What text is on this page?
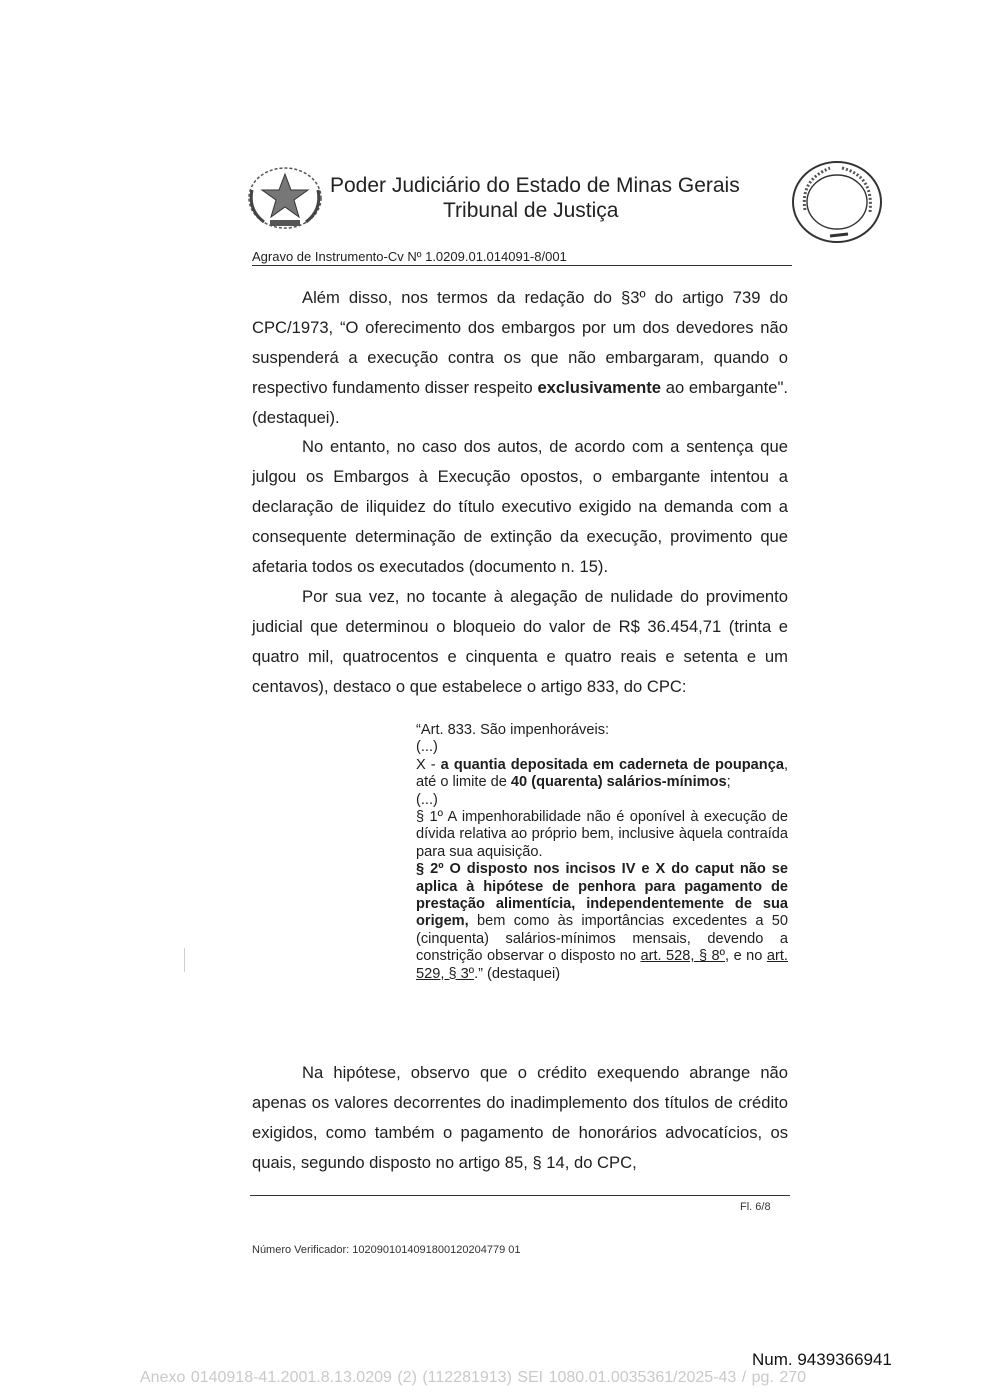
Poder Judiciário do Estado de Minas Gerais
Tribunal de Justiça
Agravo de Instrumento-Cv Nº 1.0209.01.014091-8/001

Além disso, nos termos da redação do §3º do artigo 739 do CPC/1973, “O oferecimento dos embargos por um dos devedores não suspenderá a execução contra os que não embargaram, quando o respectivo fundamento disser respeito exclusivamente ao embargante". (destaquei).

No entanto, no caso dos autos, de acordo com a sentença que julgou os Embargos à Execução opostos, o embargante intentou a declaração de iliquidez do título executivo exigido na demanda com a consequente determinação de extinção da execução, provimento que afetaria todos os executados (documento n. 15).

Por sua vez, no tocante à alegação de nulidade do provimento judicial que determinou o bloqueio do valor de R$ 36.454,71 (trinta e quatro mil, quatrocentos e cinquenta e quatro reais e setenta e um centavos), destaco o que estabelece o artigo 833, do CPC:

“Art. 833. São impenhoráveis:

(...)

X - a quantia depositada em caderneta de poupança, até o limite de 40 (quarenta) salários-mínimos;

(...)

§ 1º A impenhorabilidade não é oponível à execução de dívida relativa ao próprio bem, inclusive àquela contraída para sua aquisição.

§ 2º O disposto nos incisos IV e X do caput não se aplica à hipótese de penhora para pagamento de prestação alimentícia, independentemente de sua origem, bem como às importâncias excedentes a 50 (cinquenta) salários-mínimos mensais, devendo a constrição observar o disposto no art. 528, § 8º, e no art. 529, § 3º.” (destaquei)

Na hipótese, observo que o crédito exequendo abrange não apenas os valores decorrentes do inadimplemento dos títulos de crédito exigidos, como também o pagamento de honorários advocatícios, os quais, segundo disposto no artigo 85, § 14, do CPC,

Fl. 6/8
Número Verificador: 1020901014091800120204779 01
Num. 9439366941
Anexo 0140918-41.2001.8.13.0209 (2) (112281913) SEI 1080.01.0035361/2025-43 / pg. 270
